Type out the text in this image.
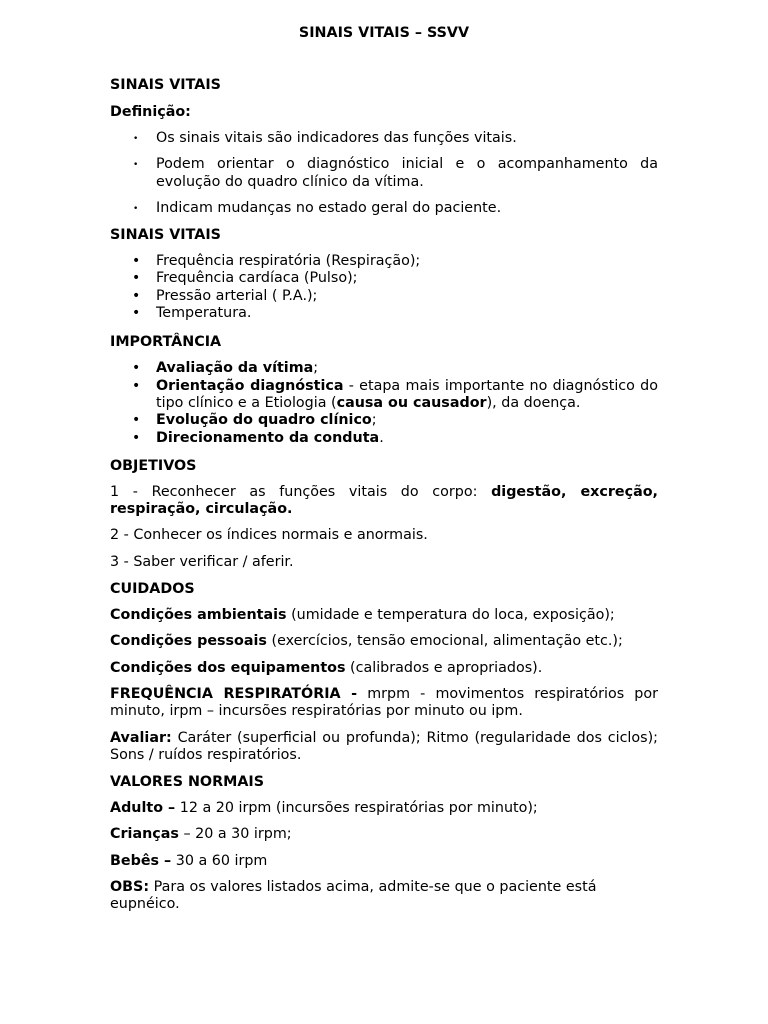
SINAIS VITAIS – SSVV
SINAIS VITAIS
Definição:
• Os sinais vitais são indicadores das funções vitais.
• Podem orientar o diagnóstico inicial e o acompanhamento da evolução do quadro clínico da vítima.
• Indicam mudanças no estado geral do paciente.
SINAIS VITAIS
• Frequência respiratória (Respiração);
• Frequência cardíaca (Pulso);
• Pressão arterial ( P.A.);
• Temperatura.
IMPORTÂNCIA
• Avaliação da vítima;
• Orientação diagnóstica - etapa mais importante no diagnóstico do tipo clínico e a Etiologia (causa ou causador), da doença.
• Evolução do quadro clínico;
• Direcionamento da conduta.
OBJETIVOS

1 - Reconhecer as funções vitais do corpo: digestão, excreção, respiração, circulação.

2 - Conhecer os índices normais e anormais.

3 - Saber verificar / aferir.

CUIDADOS

Condições ambientais (umidade e temperatura do loca, exposição);

Condições pessoais (exercícios, tensão emocional, alimentação etc.);

Condições dos equipamentos (calibrados e apropriados).

FREQUÊNCIA RESPIRATÓRIA - mrpm - movimentos respiratórios por minuto, irpm – incursões respiratórias por minuto ou ipm.

Avaliar: Caráter (superficial ou profunda); Ritmo (regularidade dos ciclos); Sons / ruídos respiratórios.

VALORES NORMAIS

Adulto – 12 a 20 irpm (incursões respiratórias por minuto);

Crianças – 20 a 30 irpm;

Bebês – 30 a 60 irpm

OBS: Para os valores listados acima, admite-se que o paciente está eupnéico.
